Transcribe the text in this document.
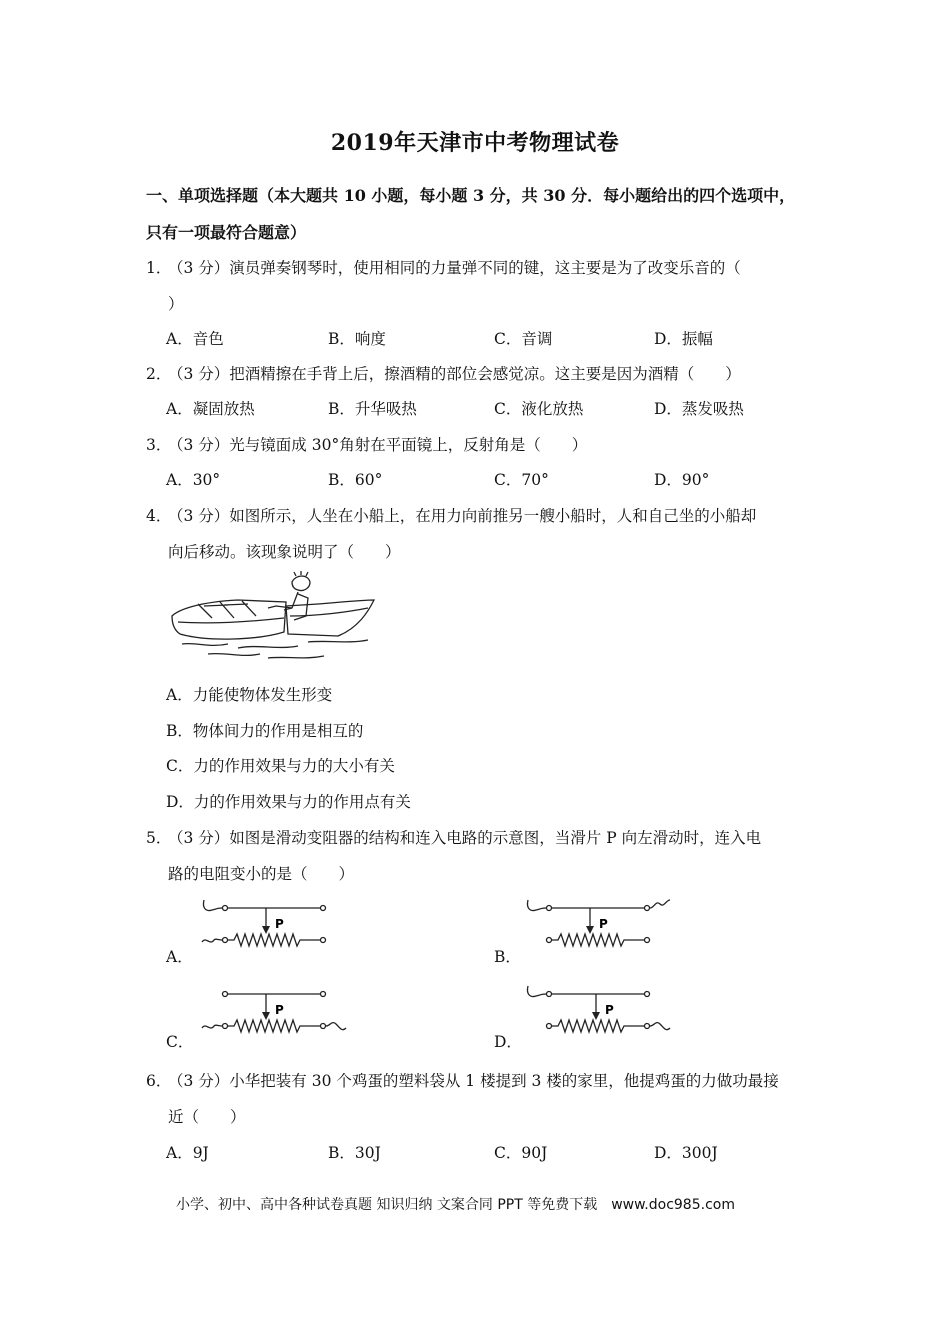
2019年天津市中考物理试卷
一、单项选择题（本大题共 10 小题，每小题 3 分，共 30 分．每小题给出的四个选项中，
只有一项最符合题意）
1．
（3 分）演员弹奏钢琴时，使用相同的力量弹不同的键，这主要是为了改变乐音的（
）
A．音色	B．响度	C．音调	D．振幅
2．
（3 分）把酒精擦在手背上后，擦酒精的部位会感觉凉。这主要是因为酒精（　　）
A．凝固放热	B．升华吸热	C．液化放热	D．蒸发吸热
3．
（3 分）光与镜面成 30°角射在平面镜上，反射角是（　　）
A．30°	B．60°	C．70°	D．90°
4．
（3 分）如图所示，人坐在小船上，在用力向前推另一艘小船时，人和自己坐的小船却
向后移动。该现象说明了（　　）
A．力能使物体发生形变
B．物体间力的作用是相互的
C．力的作用效果与力的大小有关
D．力的作用效果与力的作用点有关
5．
（3 分）如图是滑动变阻器的结构和连入电路的示意图，当滑片 P 向左滑动时，连入电
路的电阻变小的是（　　）
A．
P
B．
P
C．
P
D．
P
6．
（3 分）小华把装有 30 个鸡蛋的塑料袋从 1 楼提到 3 楼的家里，他提鸡蛋的力做功最接
近（　　）
A．9J	B．30J	C．90J	D．300J
小学、初中、高中各种试卷真题 知识归纳 文案合同 PPT 等免费下载　www.doc985.com
